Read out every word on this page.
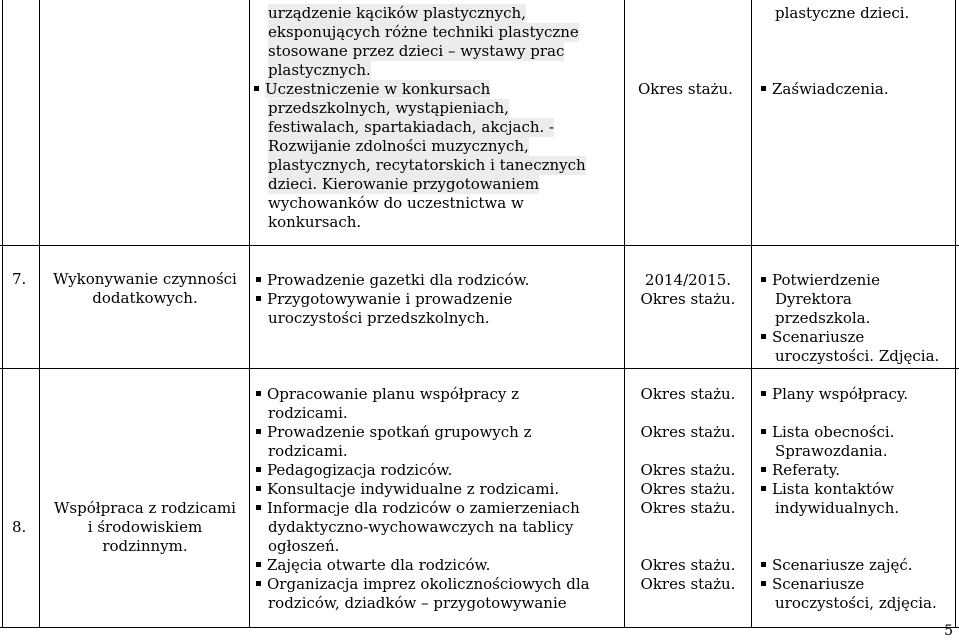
urządzenie kącików plastycznych,
eksponujących różne techniki plastyczne
stosowane przez dzieci – wystawy prac
plastycznych.
Uczestniczenie w konkursach
przedszkolnych, wystąpieniach,
festiwalach, spartakiadach, akcjach. -
Rozwijanie zdolności muzycznych,
plastycznych, recytatorskich i tanecznych
dzieci. Kierowanie przygotowaniem
wychowanków do uczestnictwa w
konkursach.
Okres stażu.
plastyczne dzieci.
Zaświadczenia.
7.	Wykonywanie czynności
dodatkowych.
Prowadzenie gazetki dla rodziców.
Przygotowywanie i prowadzenie
uroczystości przedszkolnych.
2014/2015.
Okres stażu.
Potwierdzenie
Dyrektora
przedszkola.
Scenariusze
uroczystości. Zdjęcia.
8.
Współpraca z rodzicami
i środowiskiem
rodzinnym.
Opracowanie planu współpracy z
rodzicami.
Prowadzenie spotkań grupowych z
rodzicami.
Pedagogizacja rodziców.
Konsultacje indywidualne z rodzicami.
Informacje dla rodziców o zamierzeniach
dydaktyczno-wychowawczych na tablicy
ogłoszeń.
Zajęcia otwarte dla rodziców.
Organizacja imprez okolicznościowych dla
rodziców, dziadków – przygotowywanie
Okres stażu.
Okres stażu.
Okres stażu.
Okres stażu.
Okres stażu.
Okres stażu.
Okres stażu.
Plany współpracy.
Lista obecności.
Sprawozdania.
Referaty.
Lista kontaktów
indywidualnych.
Scenariusze zajęć.
Scenariusze
uroczystości, zdjęcia.
5
